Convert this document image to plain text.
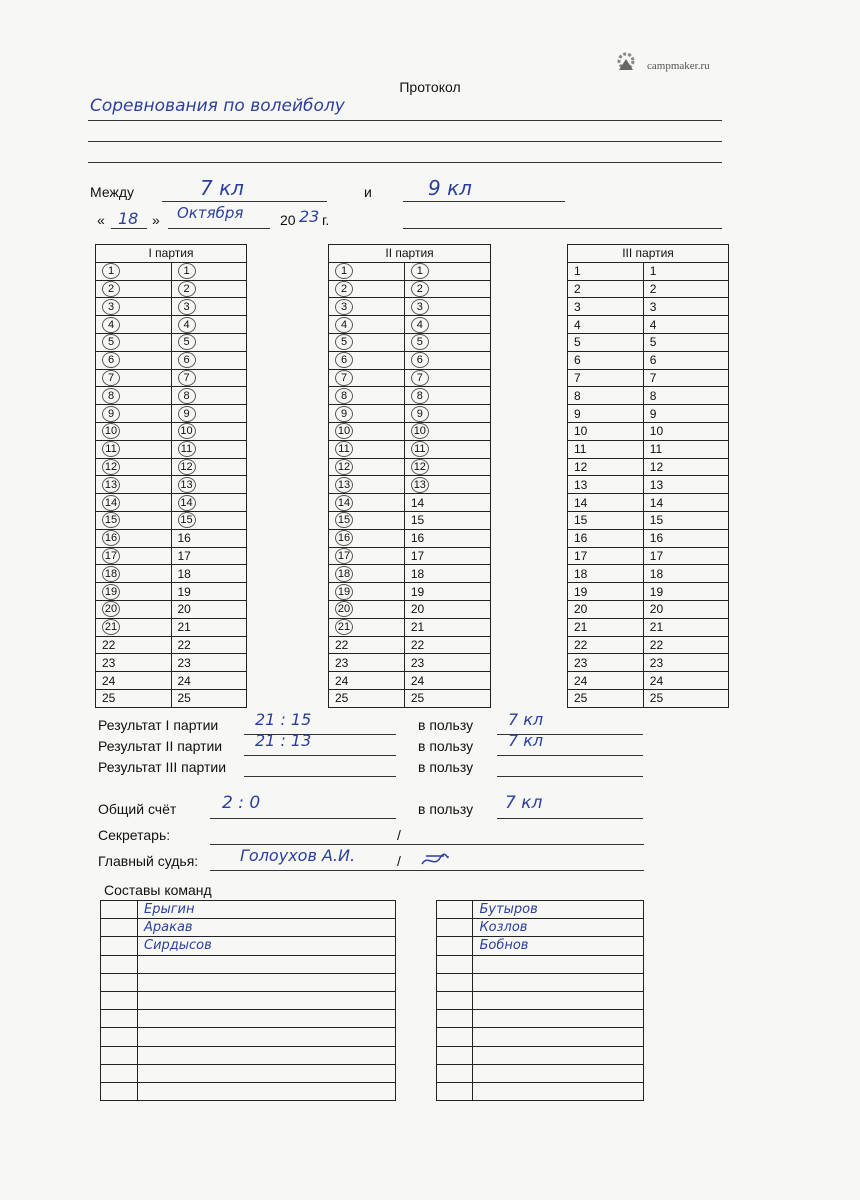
campmaker.ru
Протокол
Соревнования по волейболу
Между	7 кл	и	9 кл
« 18 » Октября	20 23 г.
I партия	
1	1
2	2
3	3
4	4
5	5
6	6
7	7
8	8
9	9
10	10
11	11
12	12
13	13
14	14
15	15
16	16
17	17
18	18
19	19
20	20
21	21
22	22
23	23
24	24
25	25
II партия	
1	1
2	2
3	3
4	4
5	5
6	6
7	7
8	8
9	9
10	10
11	11
12	12
13	13
14	14
15	15
16	16
17	17
18	18
19	19
20	20
21	21
22	22
23	23
24	24
25	25
III партия	
1	1
2	2
3	3
4	4
5	5
6	6
7	7
8	8
9	9
10	10
11	11
12	12
13	13
14	14
15	15
16	16
17	17
18	18
19	19
20	20
21	21
22	22
23	23
24	24
25	25
Результат I партии 21 : 15	в пользу 7 кл
Результат II партии 21 : 13	в пользу 7 кл
Результат III партии	в пользу
Общий счёт	2 : 0	в пользу 7 кл
Секретарь:	/
Главный судья:	Голоухов А.И.	/
Составы команд
	Ерыгин
	Аракав
	Сирдысов

	Бутыров
	Козлов
	Бобнов
